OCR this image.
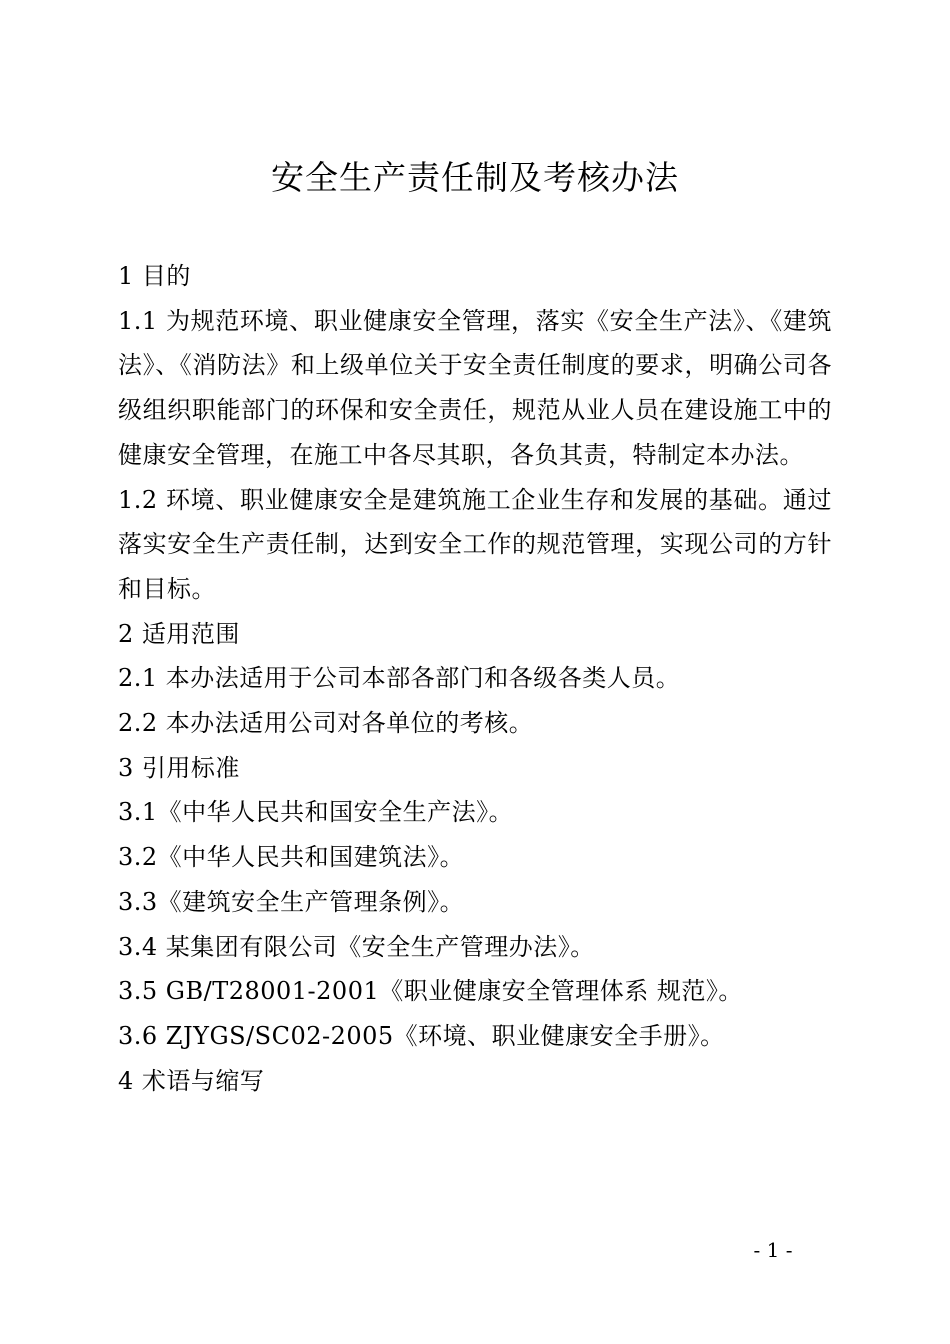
安全生产责任制及考核办法

1 目的

1.1 为规范环境、职业健康安全管理，落实《安全生产法》、《建筑法》、《消防法》和上级单位关于安全责任制度的要求，明确公司各级组织职能部门的环保和安全责任，规范从业人员在建设施工中的健康安全管理，在施工中各尽其职，各负其责，特制定本办法。

1.2 环境、职业健康安全是建筑施工企业生存和发展的基础。通过落实安全生产责任制，达到安全工作的规范管理，实现公司的方针和目标。

2 适用范围

2.1 本办法适用于公司本部各部门和各级各类人员。

2.2 本办法适用公司对各单位的考核。

3 引用标准

3.1《中华人民共和国安全生产法》。

3.2《中华人民共和国建筑法》。

3.3《建筑安全生产管理条例》。

3.4 某集团有限公司《安全生产管理办法》。

3.5 GB/T28001-2001《职业健康安全管理体系 规范》。

3.6 ZJYGS/SC02-2005《环境、职业健康安全手册》。

4 术语与缩写

- 1 -
